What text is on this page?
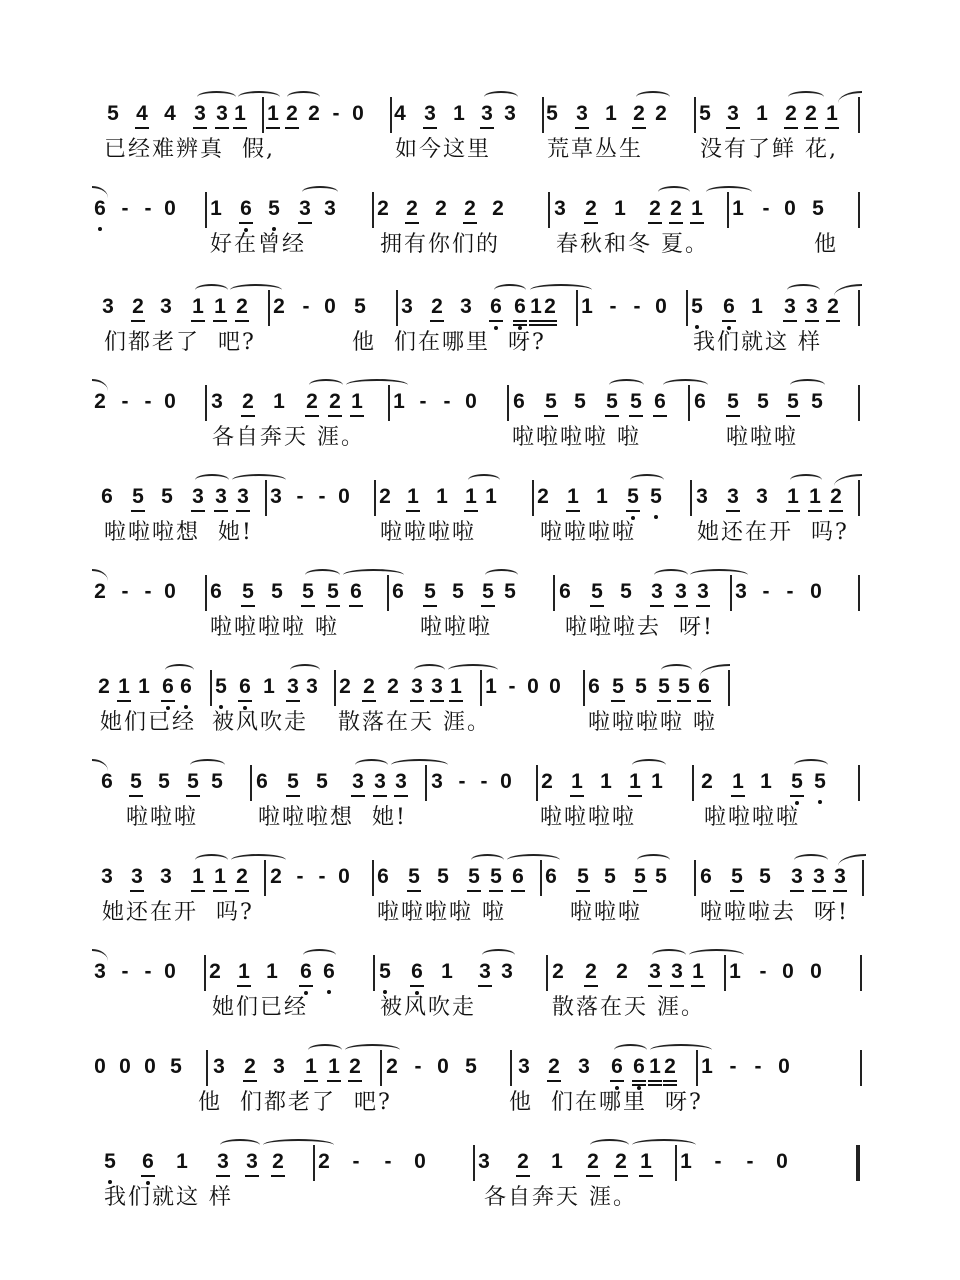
5 4 4 3 3 1 1 2 2 - 0 4 3 1 3 3 5 3 1 2 2 5 3 1 2 2 1
已经难辨真  假,	如今这里	荒草丛生	没有了鲜 花,
6 - - 0 1 6 5 3 3 2 2 2 2 2 3 2 1 2 2 1 1 - 0 5
好在曾经	拥有你们的	春秋和冬 夏。	他
3 2 3 1 1 2 2 - 0 5 3 2 3 6 6 1 2 1 - - 0 5 6 1 3 3 2
们都老了  吧?	他  们在哪里  呀?	我们就这 样
2 - - 0 3 2 1 2 2 1 1 - - 0 6 5 5 5 5 6 6 5 5 5 5
各自奔天 涯。	啦啦啦啦 啦	啦啦啦
6 5 5 3 3 3 3 - - 0 2 1 1 1 1 2 1 1 5 5 3 3 3 1 1 2
啦啦啦想  她!	啦啦啦啦	啦啦啦啦	她还在开  吗?
2 - - 0 6 5 5 5 5 6 6 5 5 5 5 6 5 5 3 3 3 3 - - 0
啦啦啦啦 啦	啦啦啦	啦啦啦去  呀!
2 1 1 6 6 5 6 1 3 3 2 2 2 3 3 1 1 - 0 0 6 5 5 5 5 6
她们已经 被风吹走 散落在天 涯。	啦啦啦啦 啦
6 5 5 5 5 6 5 5 3 3 3 3 - - 0 2 1 1 1 1 2 1 1 5 5
啦啦啦	啦啦啦想  她!	啦啦啦啦	啦啦啦啦
3 3 3 1 1 2 2 - - 0 6 5 5 5 5 6 6 5 5 5 5 6 5 5 3 3 3
她还在开  吗?	啦啦啦啦 啦	啦啦啦	啦啦啦去  呀!
3 - - 0 2 1 1 6 6 5 6 1 3 3 2 2 2 3 3 1 1 - 0 0
她们已经	被风吹走	散落在天 涯。
0 0 0 5 3 2 3 1 1 2 2 - 0 5 3 2 3 6 6 1 2 1 - - 0
他  们都老了  吧?	他  们在哪里  呀?
5 6 1 3 3 2 2 - - 0 3 2 1 2 2 1 1 - - 0
我们就这 样	各自奔天 涯。
